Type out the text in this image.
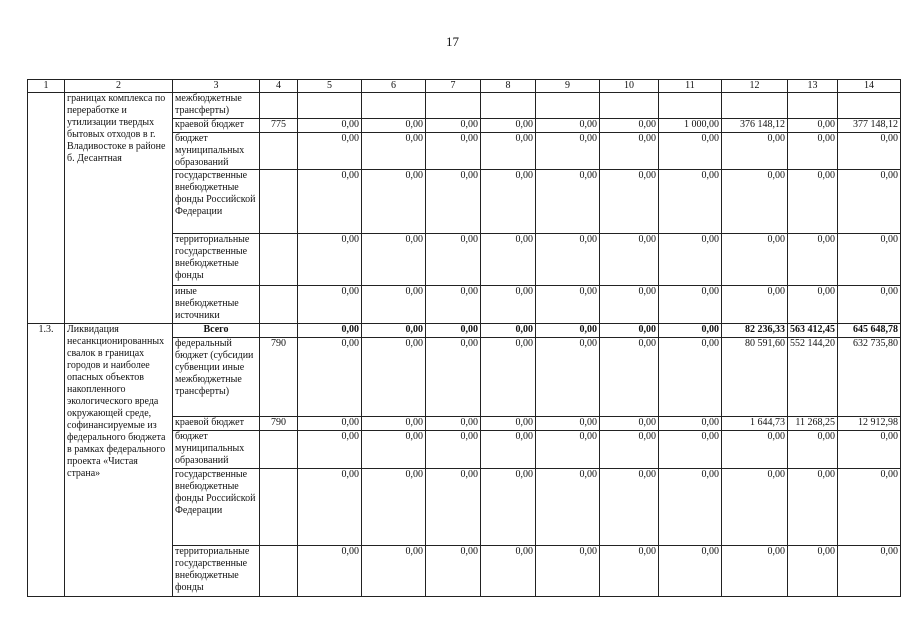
17
1	2	3	4	5	6	7	8	9	10	11	12	13	14
	границах комплекса по переработке и утилизации твердых бытовых отходов в г. Владивостоке в районе б. Десантная	межбюджетные трансферты)											
		краевой бюджет	775	0,00	0,00	0,00	0,00	0,00	0,00	1 000,00	376 148,12	0,00	377 148,12
		бюджет муниципальных образований		0,00	0,00	0,00	0,00	0,00	0,00	0,00	0,00	0,00	0,00
		государственные внебюджетные фонды Российской Федерации		0,00	0,00	0,00	0,00	0,00	0,00	0,00	0,00	0,00	0,00
		территориальные государственные внебюджетные фонды		0,00	0,00	0,00	0,00	0,00	0,00	0,00	0,00	0,00	0,00
		иные внебюджетные источники		0,00	0,00	0,00	0,00	0,00	0,00	0,00	0,00	0,00	0,00
1.3.	Ликвидация несанкционированных свалок в границах городов и наиболее опасных объектов накопленного экологического вреда окружающей среде, софинансируемые из федерального бюджета в рамках федерального проекта «Чистая страна»	Всего		0,00	0,00	0,00	0,00	0,00	0,00	0,00	82 236,33	563 412,45	645 648,78
		федеральный бюджет (субсидии субвенции иные межбюджетные трансферты)	790	0,00	0,00	0,00	0,00	0,00	0,00	0,00	80 591,60	552 144,20	632 735,80
		краевой бюджет	790	0,00	0,00	0,00	0,00	0,00	0,00	0,00	1 644,73	11 268,25	12 912,98
		бюджет муниципальных образований		0,00	0,00	0,00	0,00	0,00	0,00	0,00	0,00	0,00	0,00
		государственные внебюджетные фонды Российской Федерации		0,00	0,00	0,00	0,00	0,00	0,00	0,00	0,00	0,00	0,00
		территориальные государственные внебюджетные фонды		0,00	0,00	0,00	0,00	0,00	0,00	0,00	0,00	0,00	0,00
